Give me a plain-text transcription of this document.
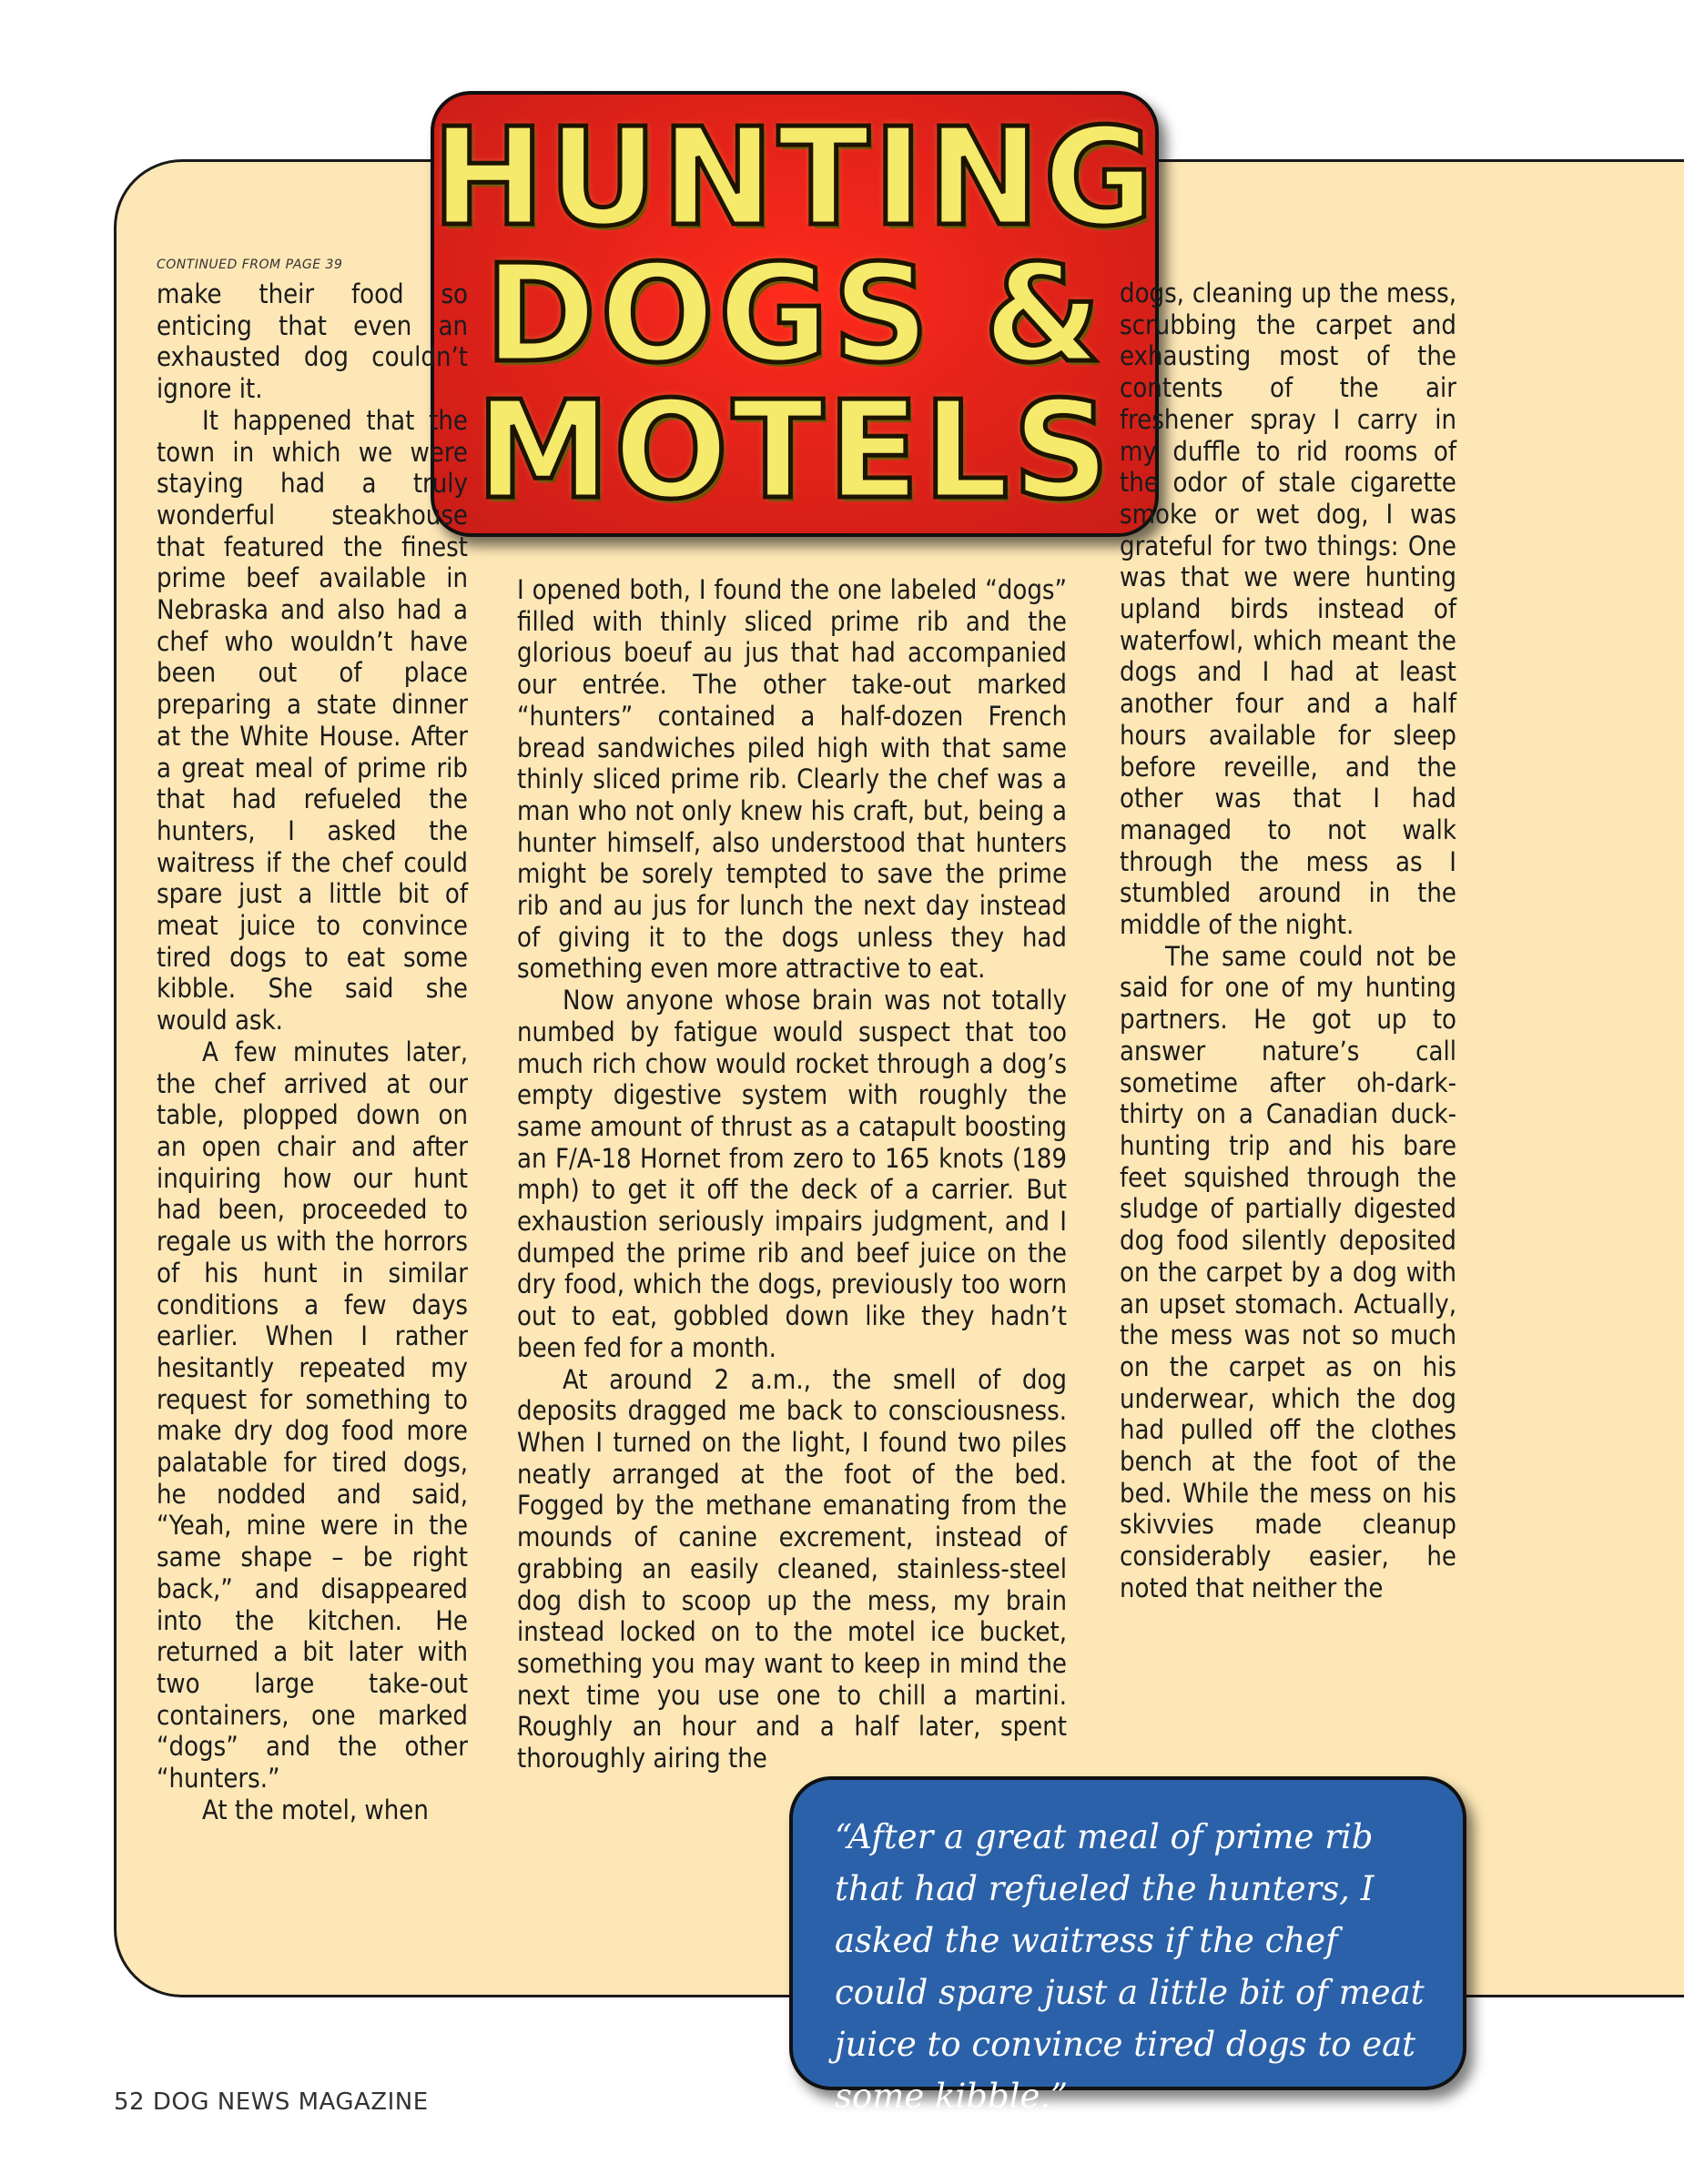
HUNTING
DOGS &
MOTELS
CONTINUED FROM PAGE 39

make their food so enticing that even an exhausted dog couldn’t ignore it.

It happened that the town in which we were staying had a truly wonderful steakhouse that featured the finest prime beef available in Nebraska and also had a chef who wouldn’t have been out of place preparing a state dinner at the White House. After a great meal of prime rib that had refueled the hunters, I asked the waitress if the chef could spare just a little bit of meat juice to convince tired dogs to eat some kibble. She said she would ask.

A few minutes later, the chef arrived at our table, plopped down on an open chair and after inquiring how our hunt had been, proceeded to regale us with the horrors of his hunt in similar conditions a few days earlier. When I rather hesitantly repeated my request for something to make dry dog food more palatable for tired dogs, he nodded and said, “Yeah, mine were in the same shape – be right back,” and disappeared into the kitchen. He returned a bit later with two large take-out containers, one marked “dogs” and the other “hunters.”

At the motel, when

I opened both, I found the one labeled “dogs” filled with thinly sliced prime rib and the glorious boeuf au jus that had accompanied our entrée. The other take-out marked “hunters” contained a half-dozen French bread sandwiches piled high with that same thinly sliced prime rib. Clearly the chef was a man who not only knew his craft, but, being a hunter himself, also understood that hunters might be sorely tempted to save the prime rib and au jus for lunch the next day instead of giving it to the dogs unless they had something even more attractive to eat.

Now anyone whose brain was not totally numbed by fatigue would suspect that too much rich chow would rocket through a dog’s empty digestive system with roughly the same amount of thrust as a catapult boosting an F/A-18 Hornet from zero to 165 knots (189 mph) to get it off the deck of a carrier. But exhaustion seriously impairs judgment, and I dumped the prime rib and beef juice on the dry food, which the dogs, previously too worn out to eat, gobbled down like they hadn’t been fed for a month.

At around 2 a.m., the smell of dog deposits dragged me back to consciousness. When I turned on the light, I found two piles neatly arranged at the foot of the bed. Fogged by the methane emanating from the mounds of canine excrement, instead of grabbing an easily cleaned, stainless-steel dog dish to scoop up the mess, my brain instead locked on to the motel ice bucket, something you may want to keep in mind the next time you use one to chill a martini. Roughly an hour and a half later, spent thoroughly airing the

dogs, cleaning up the mess, scrubbing the carpet and exhausting most of the contents of the air freshener spray I carry in my duffle to rid rooms of the odor of stale cigarette smoke or wet dog, I was grateful for two things: One was that we were hunting upland birds instead of waterfowl, which meant the dogs and I had at least another four and a half hours available for sleep before reveille, and the other was that I had managed to not walk through the mess as I stumbled around in the middle of the night.

The same could not be said for one of my hunting partners. He got up to answer nature’s call sometime after oh-dark-thirty on a Canadian duck-hunting trip and his bare feet squished through the sludge of partially digested dog food silently deposited on the carpet by a dog with an upset stomach. Actually, the mess was not so much on the carpet as on his underwear, which the dog had pulled off the clothes bench at the foot of the bed. While the mess on his skivvies made cleanup considerably easier, he noted that neither the

“After a great meal of prime rib that had refueled the hunters, I asked the waitress if the chef could spare just a little bit of meat juice to convince tired dogs to eat some kibble.”
52 DOG NEWS MAGAZINE
